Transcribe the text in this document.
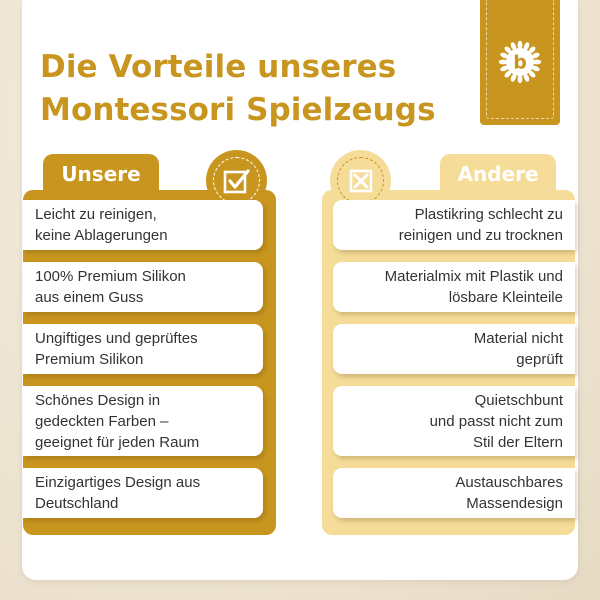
Die Vorteile unseres
Montessori Spielzeugs
b
Unsere
Leicht zu reinigen,
keine Ablagerungen
100% Premium Silikon
aus einem Guss
Ungiftiges und geprüftes
Premium Silikon
Schönes Design in
gedeckten Farben –
geeignet für jeden Raum
Einzigartiges Design aus
Deutschland
Andere
Plastikring schlecht zu
reinigen und zu trocknen
Materialmix mit Plastik und
lösbare Kleinteile
Material nicht
geprüft
Quietschbunt
und passt nicht zum
Stil der Eltern
Austauschbares
Massendesign
